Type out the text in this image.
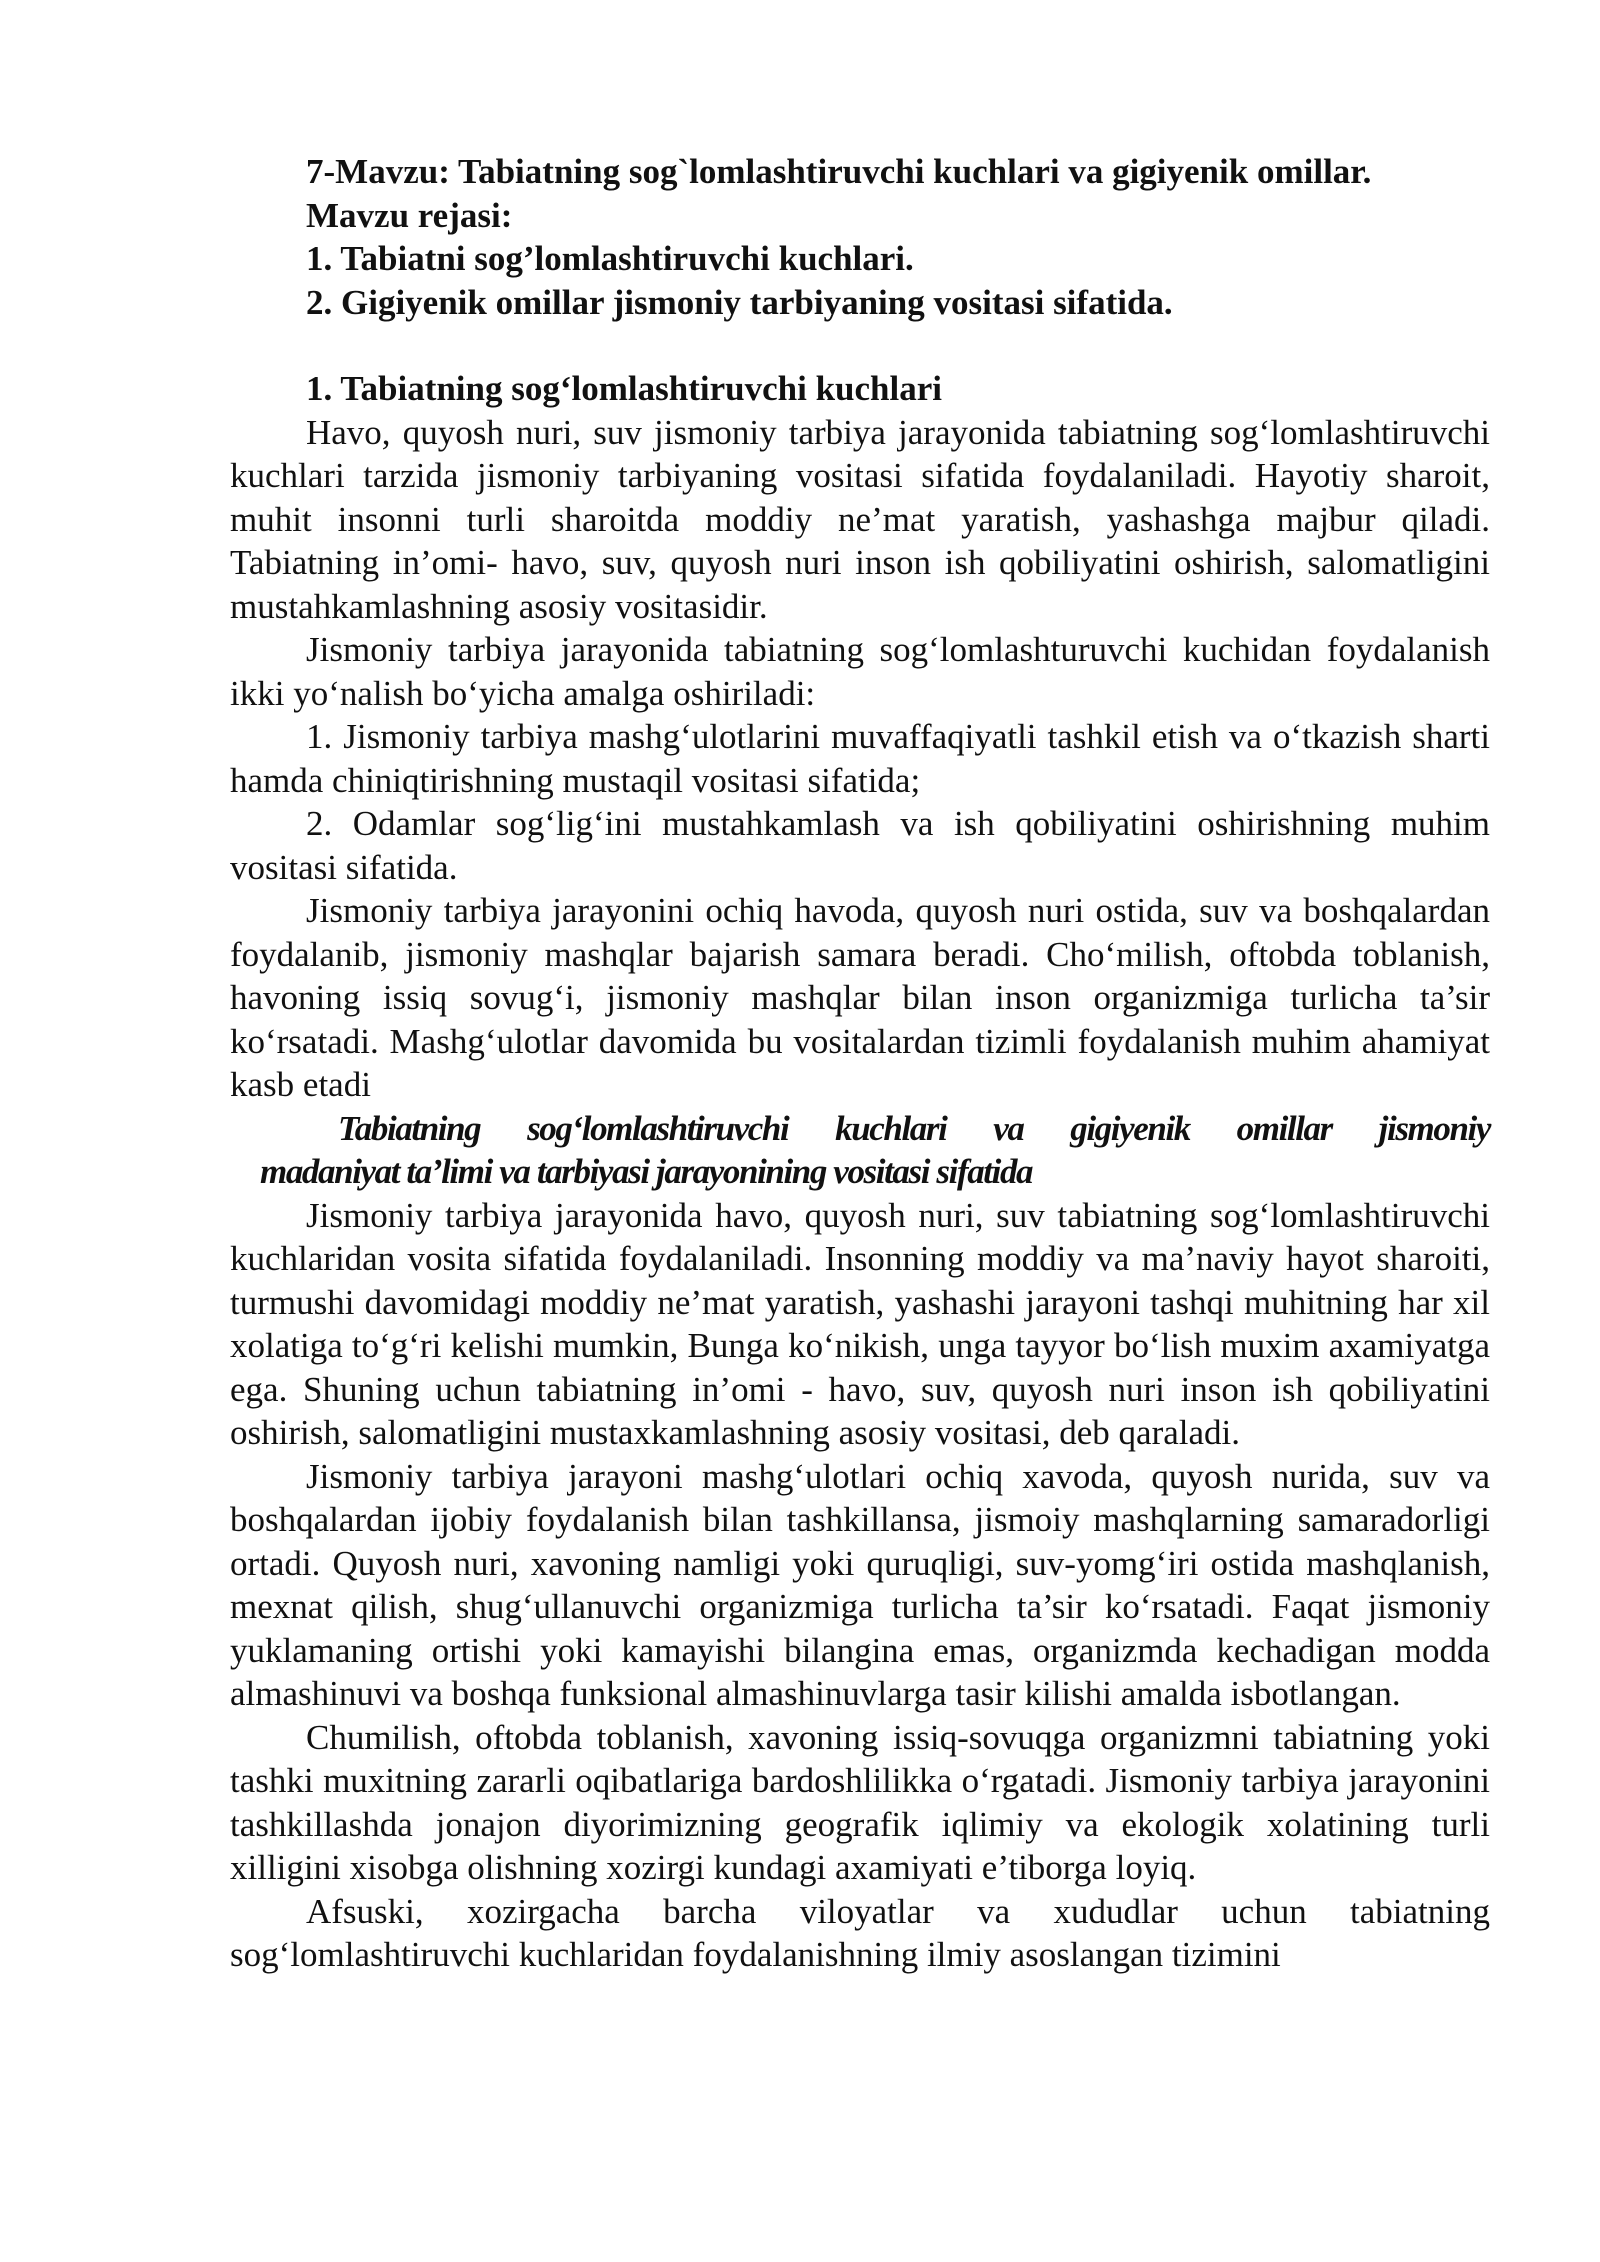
7-Mavzu: Tabiatning sog`lomlashtiruvchi kuchlari va gigiyenik omillar.
Mavzu rejasi:
1. Tabiatni sog’lomlashtiruvchi kuchlari.
2. Gigiyenik omillar jismoniy tarbiyaning vositasi sifatida.
1. Tabiatning sog‘lomlashtiruvchi kuchlari

Havo, quyosh nuri, suv jismoniy tarbiya jarayonida tabiatning sog‘lomlashtiruvchi kuchlari tarzida jismoniy tarbiyaning vositasi sifatida foydalaniladi. Hayotiy sharoit, muhit insonni turli sharoitda moddiy ne’mat yaratish, yashashga majbur qiladi. Tabiatning in’omi- havo, suv, quyosh nuri inson ish qobiliyatini oshirish, salomatligini mustahkamlashning asosiy vositasidir.

Jismoniy tarbiya jarayonida tabiatning sog‘lomlashturuvchi kuchidan foydalanish ikki yo‘nalish bo‘yicha amalga oshiriladi:

1. Jismoniy tarbiya mashg‘ulotlarini muvaffaqiyatli tashkil etish va o‘tkazish sharti hamda chiniqtirishning mustaqil vositasi sifatida;

2. Odamlar sog‘lig‘ini mustahkamlash va ish qobiliyatini oshirishning muhim vositasi sifatida.

Jismoniy tarbiya jarayonini ochiq havoda, quyosh nuri ostida, suv va boshqalardan foydalanib, jismoniy mashqlar bajarish samara beradi. Cho‘milish, oftobda toblanish, havoning issiq sovug‘i, jismoniy mashqlar bilan inson organizmiga turlicha ta’sir ko‘rsatadi. Mashg‘ulotlar davomida bu vositalardan tizimli foydalanish muhim ahamiyat kasb etadi

Tabiatning sog‘lomlashtiruvchi kuchlari va gigiyenik omillar jismoniy
madaniyat ta’limi va tarbiyasi jarayonining vositasi sifatida

Jismoniy tarbiya jarayonida havo, quyosh nuri, suv tabiatning sog‘lomlashtiruvchi kuchlaridan vosita sifatida foydalaniladi. Insonning moddiy va ma’naviy hayot sharoiti, turmushi davomidagi moddiy ne’mat yaratish, yashashi jarayoni tashqi muhitning har xil xolatiga to‘g‘ri kelishi mumkin, Bunga ko‘nikish, unga tayyor bo‘lish muxim axamiyatga ega. Shuning uchun tabiatning in’omi - havo, suv, quyosh nuri inson ish qobiliyatini oshirish, salomatligini mustaxkamlashning asosiy vositasi, deb qaraladi.

Jismoniy tarbiya jarayoni mashg‘ulotlari ochiq xavoda, quyosh nurida, suv va boshqalardan ijobiy foydalanish bilan tashkillansa, jismoiy mashqlarning samaradorligi ortadi. Quyosh nuri, xavoning namligi yoki quruqligi, suv-yomg‘iri ostida mashqlanish, mexnat qilish, shug‘ullanuvchi organizmiga turlicha ta’sir ko‘rsatadi. Faqat jismoniy yuklamaning ortishi yoki kamayishi bilangina emas, organizmda kechadigan modda almashinuvi va boshqa funksional almashinuvlarga tasir kilishi amalda isbotlangan.

Chumilish, oftobda toblanish, xavoning issiq-sovuqga organizmni tabiatning yoki tashki muxitning zararli oqibatlariga bardoshlilikka o‘rgatadi. Jismoniy tarbiya jarayonini tashkillashda jonajon diyorimizning geografik iqlimiy va ekologik xolatining turli xilligini xisobga olishning xozirgi kundagi axamiyati e’tiborga loyiq.

Afsuski, xozirgacha barcha viloyatlar va xududlar uchun tabiatning sog‘lomlashtiruvchi kuchlaridan foydalanishning ilmiy asoslangan tizimini
